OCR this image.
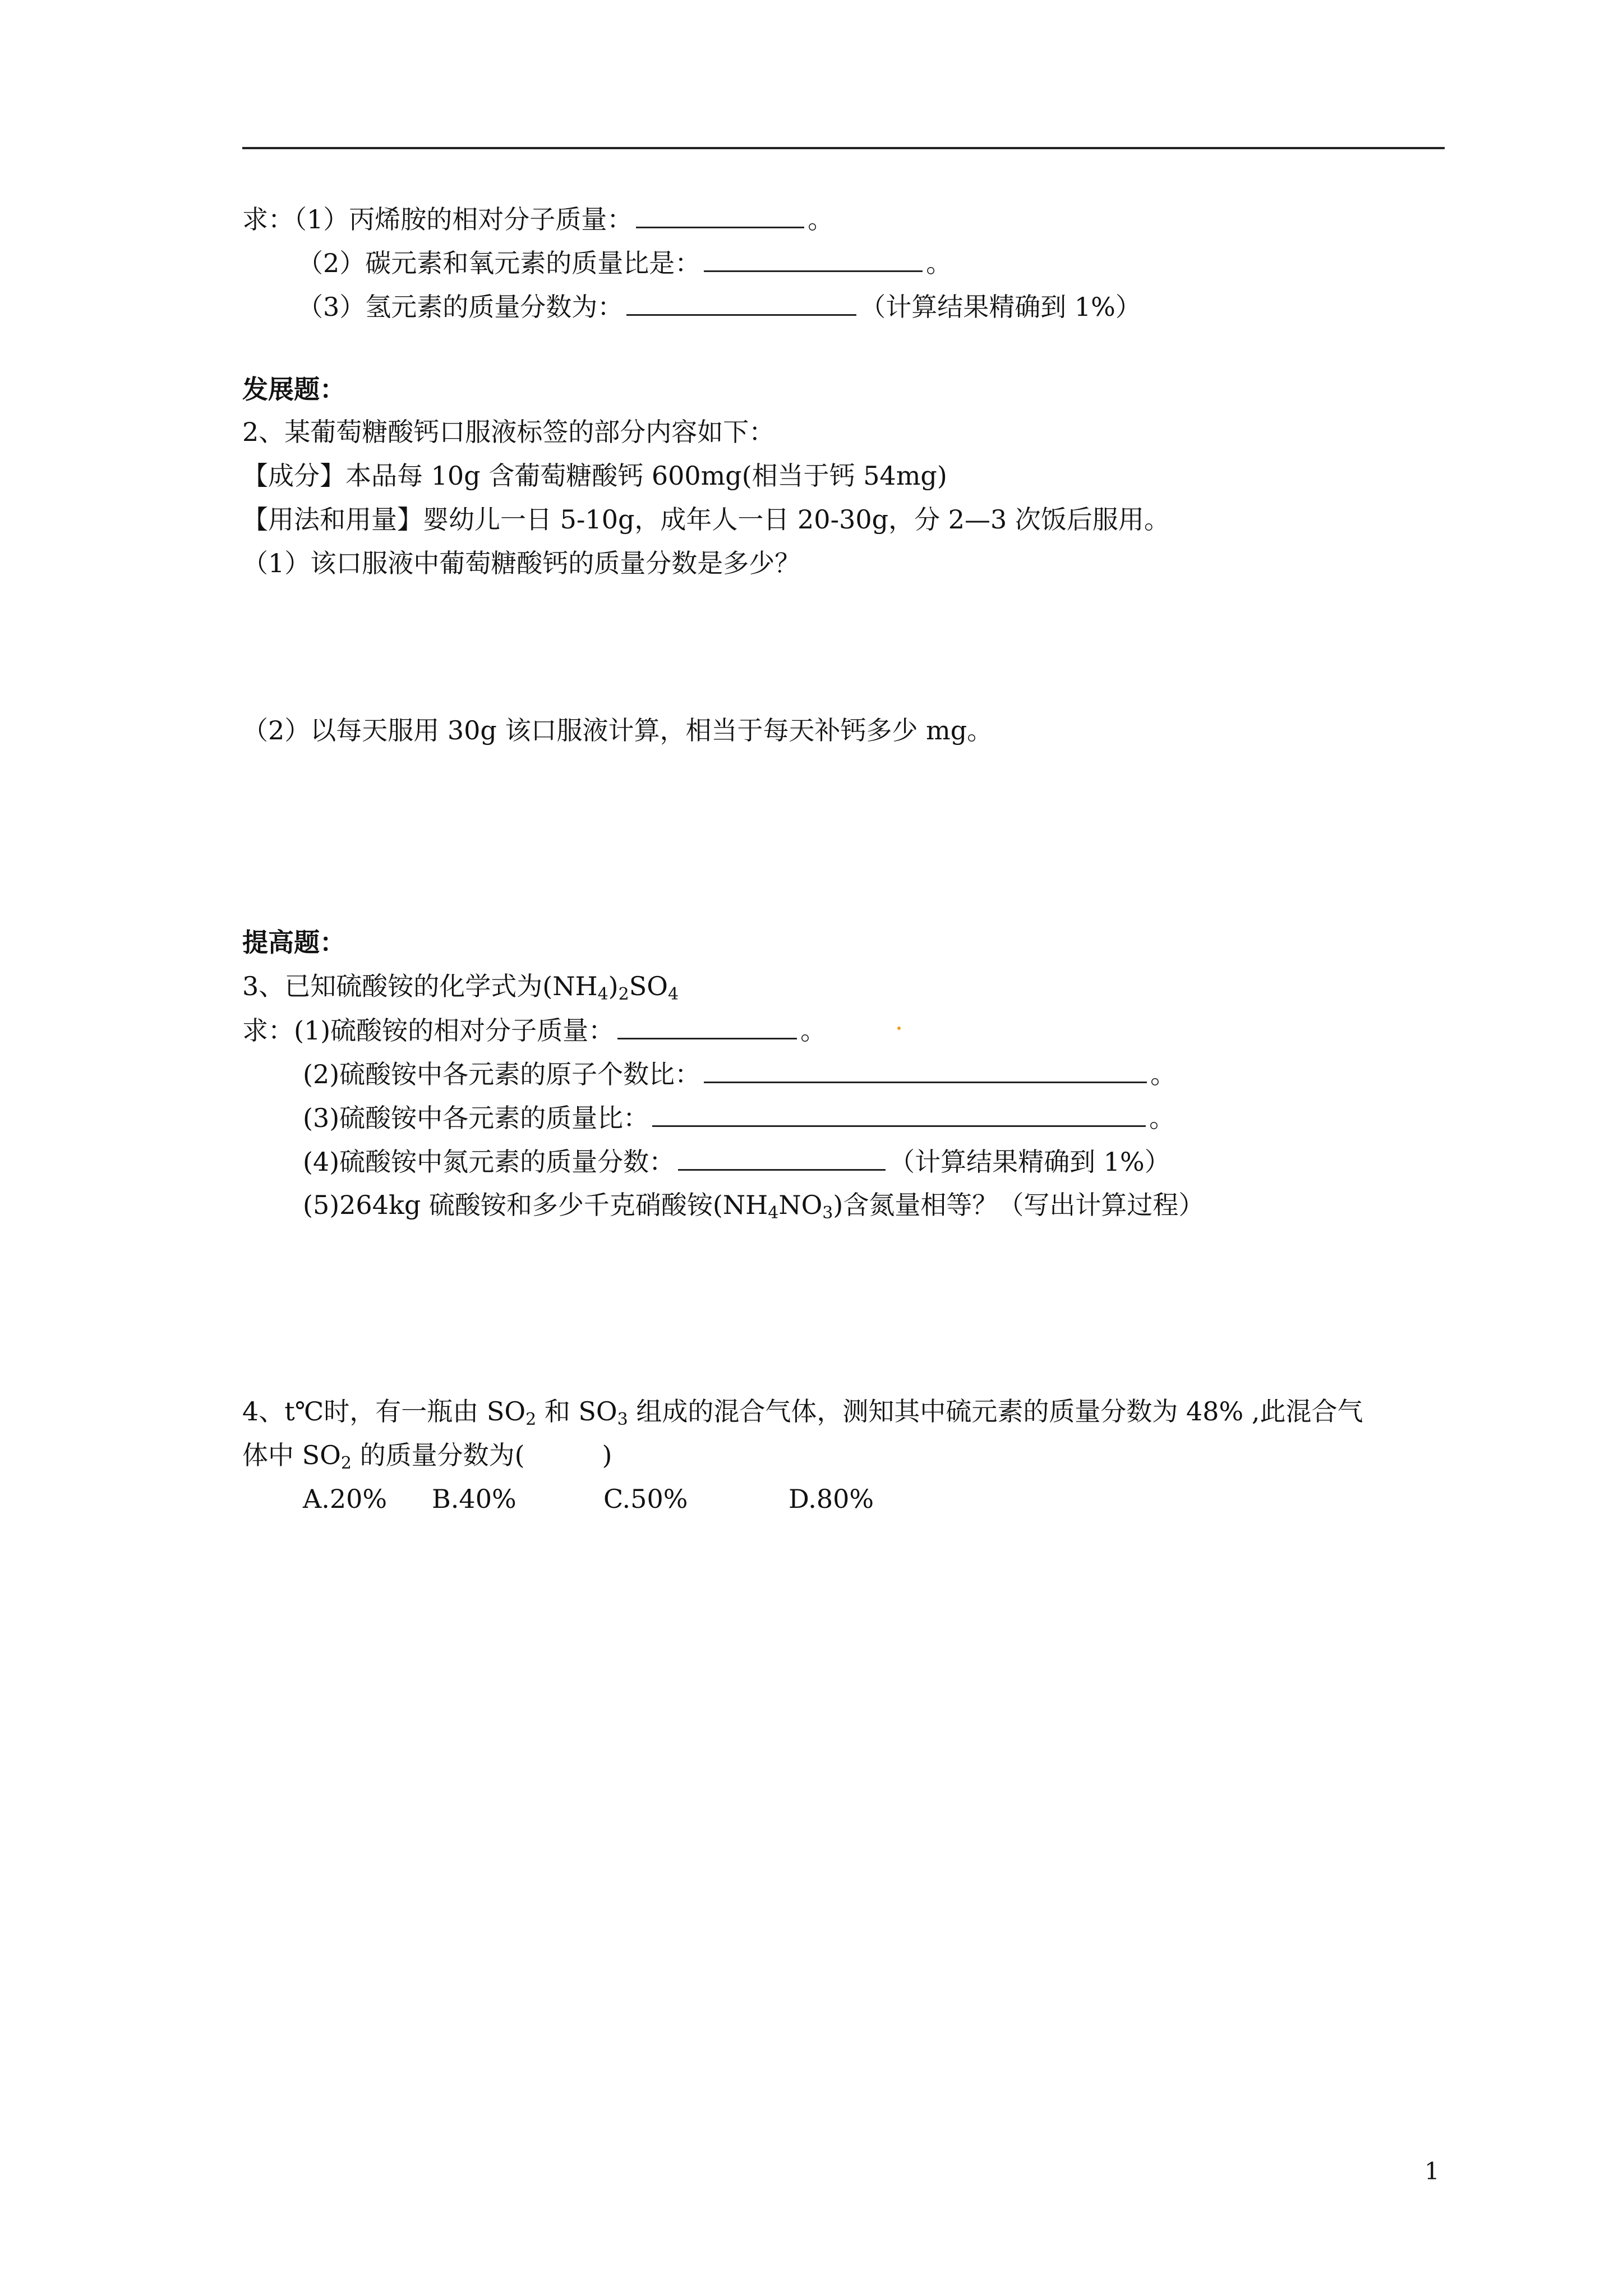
求：（1）丙烯胺的相对分子质量：	。
（2）碳元素和氧元素的质量比是：	。
（3）氢元素的质量分数为：	（计算结果精确到 1%）
发展题：
2、某葡萄糖酸钙口服液标签的部分内容如下：
【成分】本品每 10g 含葡萄糖酸钙 600mg(相当于钙 54mg)
【用法和用量】婴幼儿一日 5-10g，成年人一日 20-30g，分 2—3 次饭后服用。
（1）该口服液中葡萄糖酸钙的质量分数是多少？
（2）以每天服用 30g 该口服液计算，相当于每天补钙多少 mg。
提高题：
3、已知硫酸铵的化学式为$(NH_4)_2SO_4$
求：(1)硫酸铵的相对分子质量：	。
(2)硫酸铵中各元素的原子个数比：	。
(3)硫酸铵中各元素的质量比：	。
(4)硫酸铵中氮元素的质量分数：	（计算结果精确到 1%）
(5)264kg 硫酸铵和多少千克硝酸铵$(NH_4NO_3)$含氮量相等？（写出计算过程）
4、t℃时，有一瓶由 $SO_2$ 和 $SO_3$ 组成的混合气体，测知其中硫元素的质量分数为 48% ,此混合气
体中 $SO_2$ 的质量分数为(　　　)
A.20% B.40%	C.50%	D.80%
1
